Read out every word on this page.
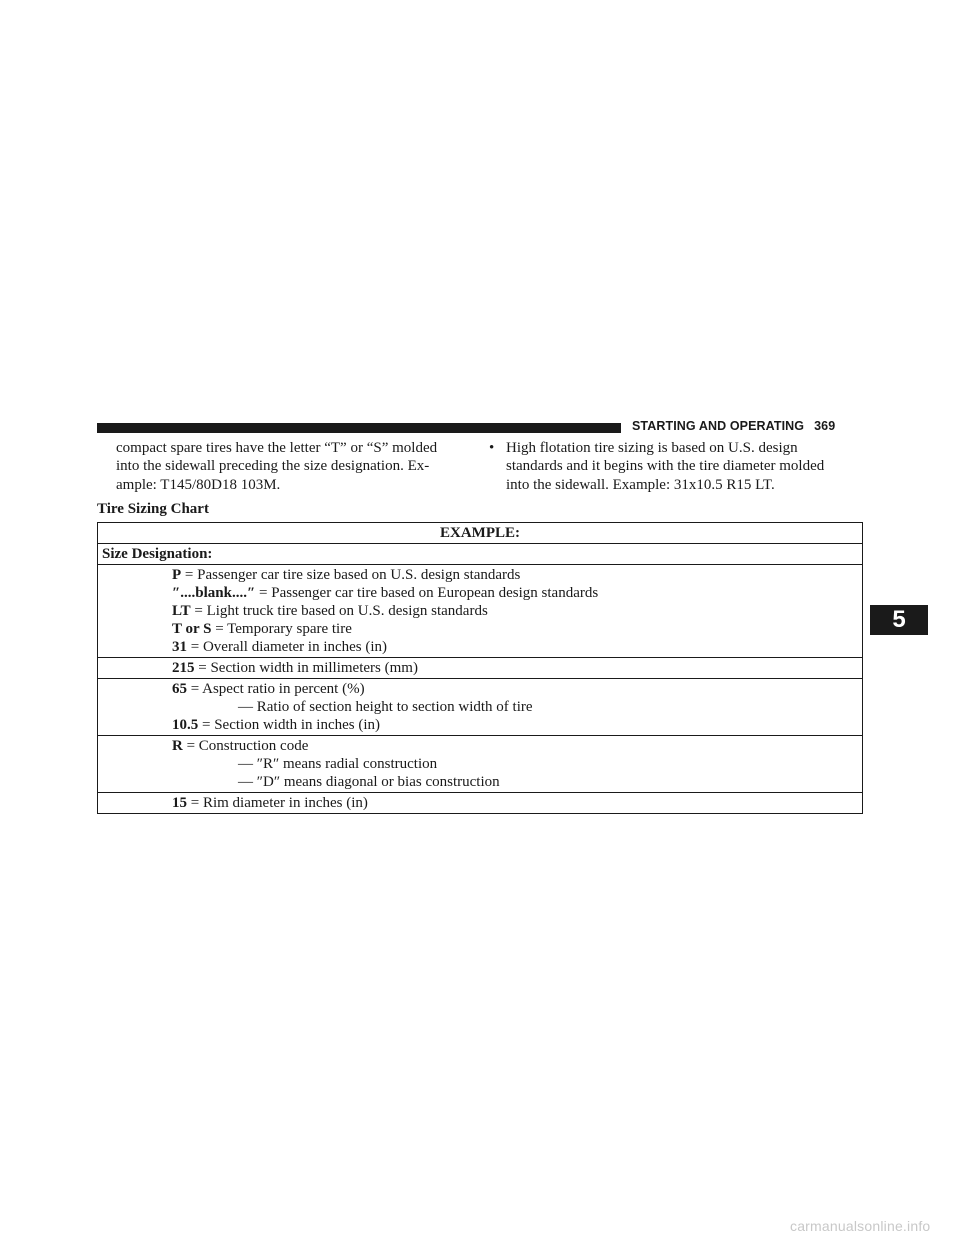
STARTING AND OPERATING 369
compact spare tires have the letter “T” or “S” molded
into the sidewall preceding the size designation. Ex-
ample: T145/80D18 103M.
• High flotation tire sizing is based on U.S. design
standards and it begins with the tire diameter molded
into the sidewall. Example: 31x10.5 R15 LT.
Tire Sizing Chart
EXAMPLE:
Size Designation:
P = Passenger car tire size based on U.S. design standards
″....blank....″ = Passenger car tire based on European design standards
LT = Light truck tire based on U.S. design standards
T or S = Temporary spare tire
31 = Overall diameter in inches (in)
215 = Section width in millimeters (mm)
65 = Aspect ratio in percent (%)
— Ratio of section height to section width of tire
10.5 = Section width in inches (in)
R = Construction code
— ″R″ means radial construction
— ″D″ means diagonal or bias construction
15 = Rim diameter in inches (in)
5
carmanualsonline.info
